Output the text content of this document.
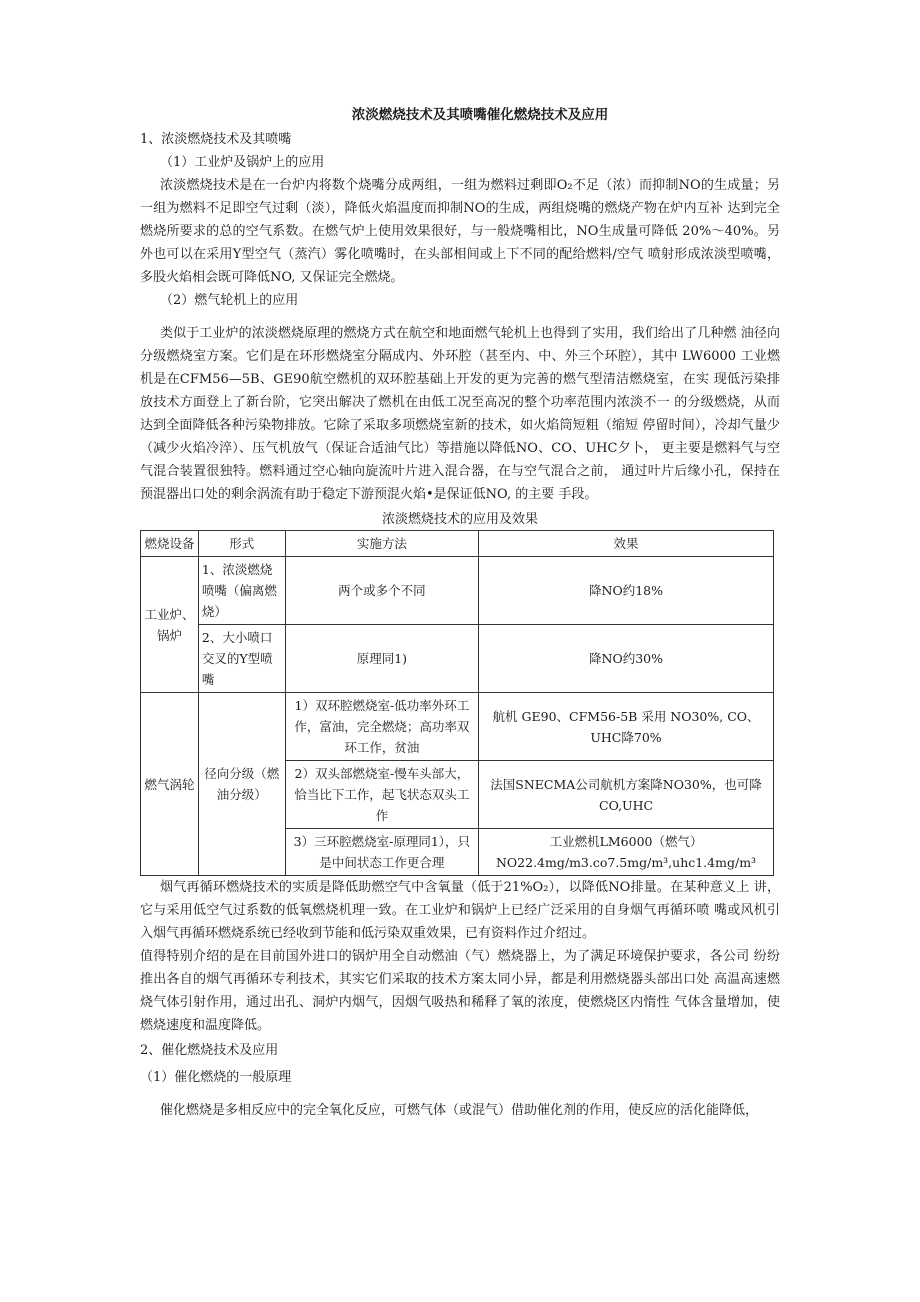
浓淡燃烧技术及其喷嘴催化燃烧技术及应用

1、浓淡燃烧技术及其喷嘴

（1）工业炉及锅炉上的应用

浓淡燃烧技术是在一台炉内将数个烧嘴分成两组，一组为燃料过剩即O₂不足（浓）而抑制NO的生成量；另一组为燃料不足即空气过剩（淡），降低火焰温度而抑制NO的生成，两组烧嘴的燃烧产物在炉内互补 达到完全燃烧所要求的总的空气系数。在燃气炉上使用效果很好，与一般烧嘴相比，NO生成量可降低 20%～40%。另外也可以在采用Y型空气（蒸汽）雾化喷嘴时，在头部相间或上下不同的配给燃料/空气 喷射形成浓淡型喷嘴，多股火焰相会既可降低NO, 又保证完全燃烧。

（2）燃气轮机上的应用

类似于工业炉的浓淡燃烧原理的燃烧方式在航空和地面燃气轮机上也得到了实用，我们给出了几种燃 油径向分级燃烧室方案。它们是在环形燃烧室分隔成内、外环腔（甚至内、中、外三个环腔），其中 LW6000 工业燃机是在CFM56—5B、GE90航空燃机的双环腔基础上开发的更为完善的燃气型清洁燃烧室，在实 现低污染排放技术方面登上了新台阶，它突出解决了燃机在由低工况至高况的整个功率范围内浓淡不一 的分级燃烧，从而达到全面降低各种污染物排放。它除了采取多项燃烧室新的技术，如火焰筒短粗（缩短 停留时间），冷却气量少（减少火焰冷淬）、压气机放气（保证合适油气比）等措施以降低NO、CO、UHC夕卜， 更主要是燃料气与空气混合装置很独特。燃料通过空心轴向旋流叶片进入混合器，在与空气混合之前， 通过叶片后缘小孔，保持在预混器出口处的剩余涡流有助于稳定下游预混火焰•是保证低NO, 的主要 手段。

浓淡燃烧技术的应用及效果
燃烧设备	形式	实施方法	效果
工业炉、锅炉	1、浓淡燃烧喷嘴（偏离燃烧）	两个或多个不同	降NO约18%
	2、大小喷口交叉的Y型喷嘴	原理同1)	降NO约30%
燃气涡轮	径向分级（燃油分级）	1）双环腔燃烧室-低功率外环工作，富油，完全燃烧；高功率双环工作，贫油	航机 GE90、CFM56-5B 采用 NO30%, CO、UHC降70%
		2）双头部燃烧室-慢车头部大，恰当比下工作，起飞状态双头工作	法国SNECMA公司航机方案降NO30%，也可降CO,UHC
		3）三环腔燃烧室-原理同1），只是中间状态工作更合理	工业燃机LM6000（燃气）NO22.4mg/m3.co7.5mg/m³,uhc1.4mg/m³

烟气再循环燃烧技术的实质是降低助燃空气中含氧量（低于21%O₂），以降低NO排量。在某种意义上 讲，它与采用低空气过系数的低氧燃烧机理一致。在工业炉和锅炉上已经广泛采用的自身烟气再循环喷 嘴或风机引入烟气再循环燃烧系统已经收到节能和低污染双重效果，已有资料作过介绍过。

值得特别介绍的是在目前国外进口的锅炉用全自动燃油（气）燃烧器上，为了满足环境保护要求，各公司 纷纷推出各自的烟气再循环专利技术，其实它们采取的技术方案太同小异，都是利用燃烧器头部出口处 高温高速燃烧气体引射作用，通过出孔、洞炉内烟气，因烟气吸热和稀释了氧的浓度，使燃烧区内惰性 气体含量增加，使燃烧速度和温度降低。

2、催化燃烧技术及应用

（1）催化燃烧的一般原理

催化燃烧是多相反应中的完全氧化反应，可燃气体（或混气）借助催化剂的作用，使反应的活化能降低，
